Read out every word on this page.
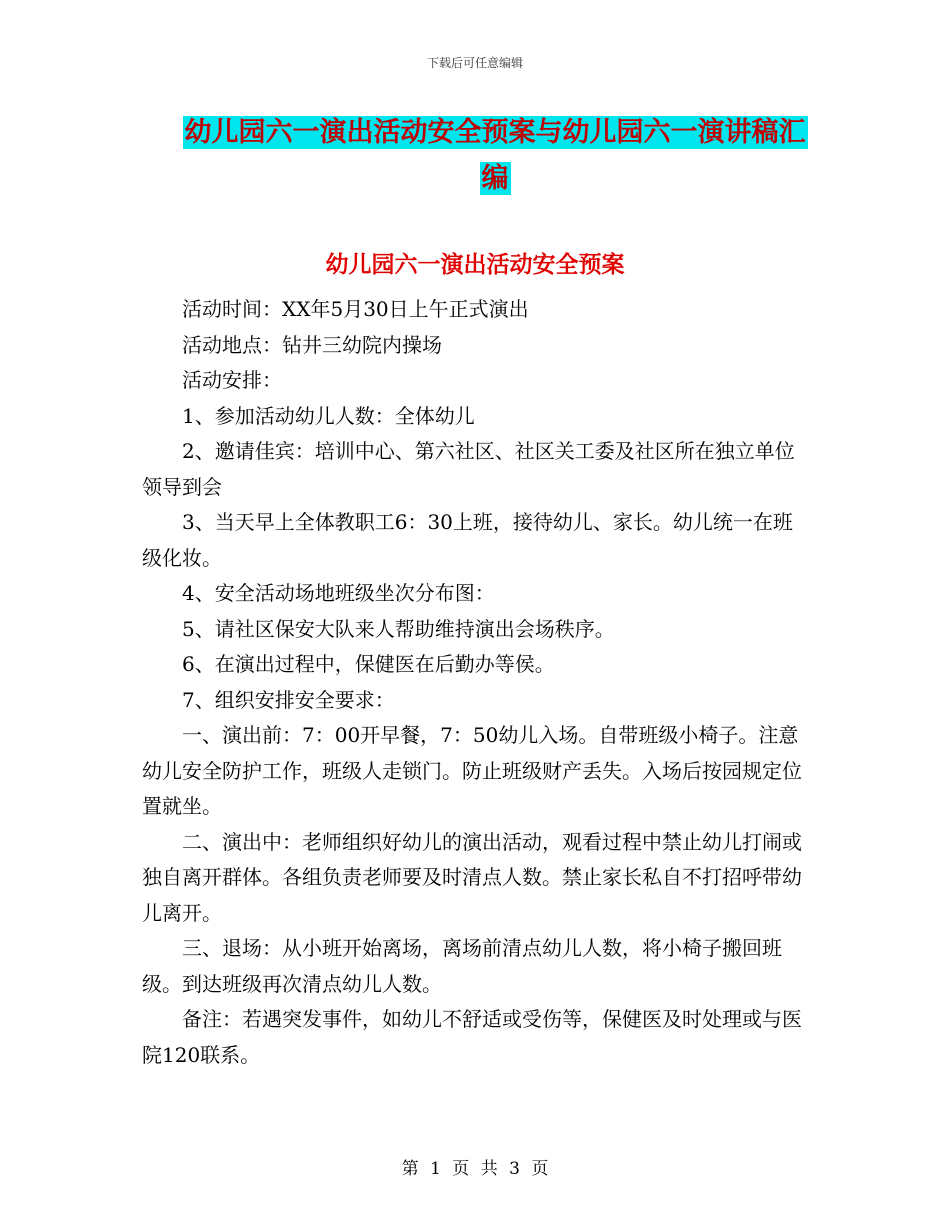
下载后可任意编辑
幼儿园六一演出活动安全预案与幼儿园六一演讲稿汇
编
幼儿园六一演出活动安全预案

活动时间：XX年5月30日上午正式演出

活动地点：钻井三幼院内操场

活动安排：

1、参加活动幼儿人数：全体幼儿

2、邀请佳宾：培训中心、第六社区、社区关工委及社区所在独立单位领导到会

3、当天早上全体教职工6：30上班，接待幼儿、家长。幼儿统一在班级化妆。

4、安全活动场地班级坐次分布图：

5、请社区保安大队来人帮助维持演出会场秩序。

6、在演出过程中，保健医在后勤办等侯。

7、组织安排安全要求：

一、演出前：7：00开早餐，7：50幼儿入场。自带班级小椅子。注意幼儿安全防护工作，班级人走锁门。防止班级财产丢失。入场后按园规定位置就坐。

二、演出中：老师组织好幼儿的演出活动，观看过程中禁止幼儿打闹或独自离开群体。各组负责老师要及时清点人数。禁止家长私自不打招呼带幼儿离开。

三、退场：从小班开始离场，离场前清点幼儿人数，将小椅子搬回班级。到达班级再次清点幼儿人数。

备注：若遇突发事件，如幼儿不舒适或受伤等，保健医及时处理或与医院120联系。

第 1 页 共 3 页
